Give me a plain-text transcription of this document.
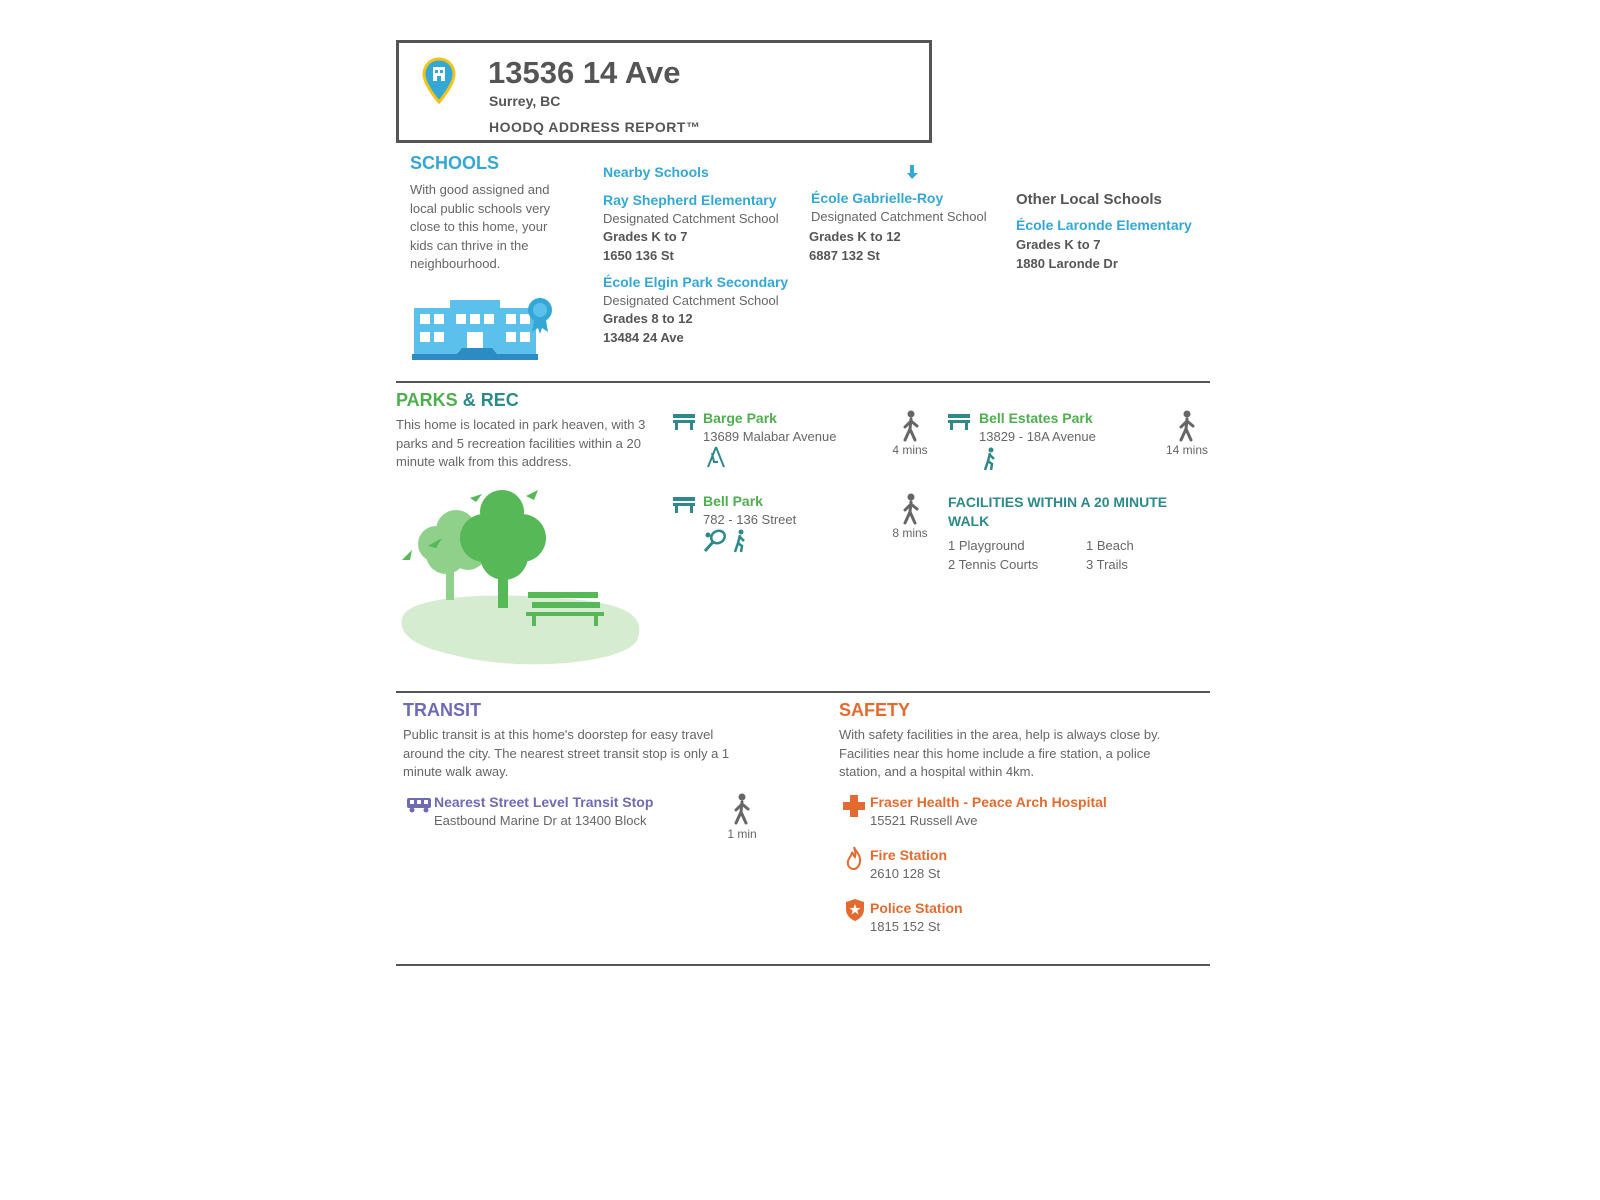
13536 14 Ave
Surrey, BC
HOODQ ADDRESS REPORT™
SCHOOLS
With good assigned and local public schools very close to this home, your kids can thrive in the neighbourhood.
Nearby Schools
Ray Shepherd Elementary
Designated Catchment School
Grades K to 7
1650 136 St
École Elgin Park Secondary
Designated Catchment School
Grades 8 to 12
13484 24 Ave
École Gabrielle-Roy
Designated Catchment School
Grades K to 12
6887 132 St
Other Local Schools
École Laronde Elementary
Grades K to 7
1880 Laronde Dr
PARKS & REC
This home is located in park heaven, with 3 parks and 5 recreation facilities within a 20 minute walk from this address.
Barge Park
13689 Malabar Avenue
Bell Park
782 - 136 Street
Bell Estates Park
13829 - 18A Avenue
4 mins
8 mins
14 mins
FACILITIES WITHIN A 20 MINUTE WALK
1 Playground
2 Tennis Courts
1 Beach
3 Trails
TRANSIT
Public transit is at this home's doorstep for easy travel around the city. The nearest street transit stop is only a 1 minute walk away.
Nearest Street Level Transit Stop
Eastbound Marine Dr at 13400 Block
1 min
SAFETY
With safety facilities in the area, help is always close by. Facilities near this home include a fire station, a police station, and a hospital within 4km.
Fraser Health - Peace Arch Hospital
15521 Russell Ave
Fire Station
2610 128 St
Police Station
1815 152 St
